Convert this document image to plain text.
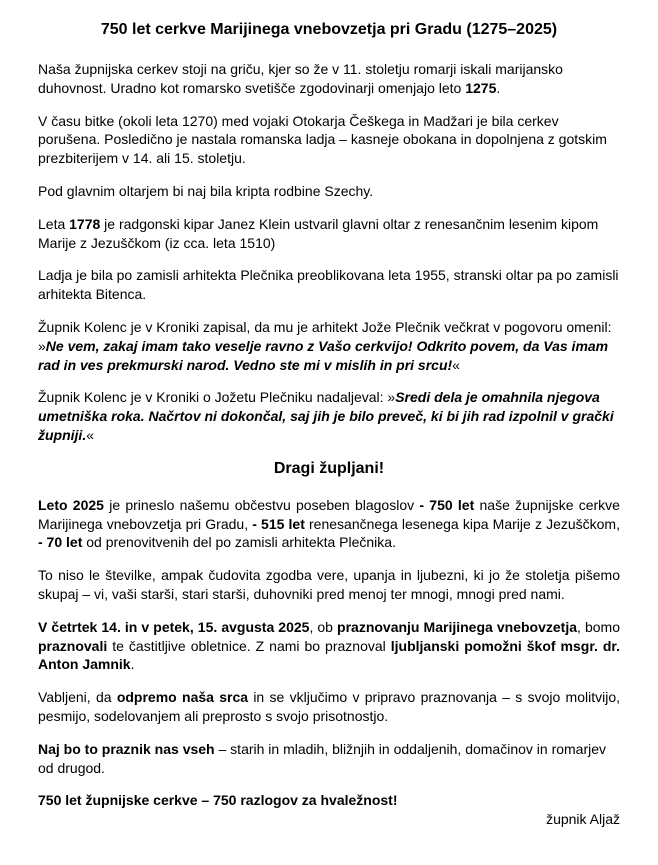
750 let cerkve Marijinega vnebovzetja pri Gradu (1275–2025)

Naša župnijska cerkev stoji na griču, kjer so že v 11. stoletju romarji iskali marijansko duhovnost. Uradno kot romarsko svetišče zgodovinarji omenjajo leto 1275.

V času bitke (okoli leta 1270) med vojaki Otokarja Češkega in Madžari je bila cerkev porušena. Posledično je nastala romanska ladja – kasneje obokana in dopolnjena z gotskim prezbiterijem v 14. ali 15. stoletju.

Pod glavnim oltarjem bi naj bila kripta rodbine Szechy.

Leta 1778 je radgonski kipar Janez Klein ustvaril glavni oltar z renesančnim lesenim kipom Marije z Jezuščkom (iz cca. leta 1510)

Ladja je bila po zamisli arhitekta Plečnika preoblikovana leta 1955, stranski oltar pa po zamisli arhitekta Bitenca.

Župnik Kolenc je v Kroniki zapisal, da mu je arhitekt Jože Plečnik večkrat v pogovoru omenil: »Ne vem, zakaj imam tako veselje ravno z Vašo cerkvijo! Odkrito povem, da Vas imam rad in ves prekmurski narod. Vedno ste mi v mislih in pri srcu!«

Župnik Kolenc je v Kroniki o Jožetu Plečniku nadaljeval: »Sredi dela je omahnila njegova umetniška roka. Načrtov ni dokončal, saj jih je bilo preveč, ki bi jih rad izpolnil v grački župniji.«

Dragi župljani!

Leto 2025 je prineslo našemu občestvu poseben blagoslov - 750 let naše župnijske cerkve Marijinega vnebovzetja pri Gradu, - 515 let renesančnega lesenega kipa Marije z Jezuščkom, - 70 let od prenovitvenih del po zamisli arhitekta Plečnika.

To niso le številke, ampak čudovita zgodba vere, upanja in ljubezni, ki jo že stoletja pišemo skupaj – vi, vaši starši, stari starši, duhovniki pred menoj ter mnogi, mnogi pred nami.

V četrtek 14. in v petek, 15. avgusta 2025, ob praznovanju Marijinega vnebovzetja, bomo praznovali te častitljive obletnice. Z nami bo praznoval ljubljanski pomožni škof msgr. dr. Anton Jamnik.

Vabljeni, da odpremo naša srca in se vključimo v pripravo praznovanja – s svojo molitvijo, pesmijo, sodelovanjem ali preprosto s svojo prisotnostjo.

Naj bo to praznik nas vseh – starih in mladih, bližnjih in oddaljenih, domačinov in romarjev od drugod.

750 let župnijske cerkve – 750 razlogov za hvaležnost!

župnik Aljaž
